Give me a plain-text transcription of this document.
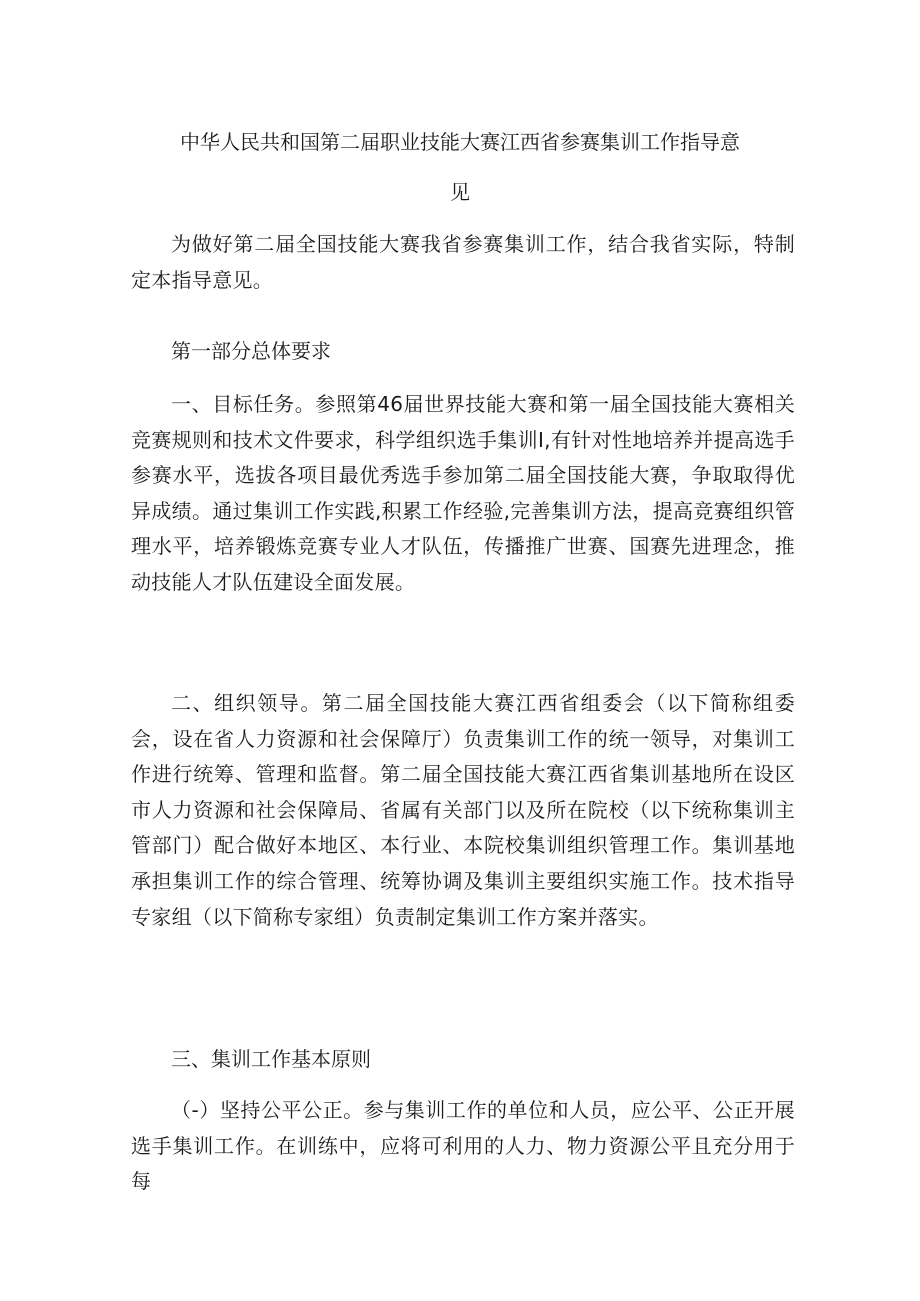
中华人民共和国第二届职业技能大赛江西省参赛集训工作指导意
见

为做好第二届全国技能大赛我省参赛集训工作，结合我省实际，特制定本指导意见。

第一部分总体要求

一、目标任务。参照第46届世界技能大赛和第一届全国技能大赛相关竞赛规则和技术文件要求，科学组织选手集训I,有针对性地培养并提高选手参赛水平，选拔各项目最优秀选手参加第二届全国技能大赛，争取取得优异成绩。通过集训工作实践,积累工作经验,完善集训方法，提高竞赛组织管理水平，培养锻炼竞赛专业人才队伍，传播推广世赛、国赛先进理念，推动技能人才队伍建设全面发展。

二、组织领导。第二届全国技能大赛江西省组委会（以下简称组委会，设在省人力资源和社会保障厅）负责集训工作的统一领导，对集训工作进行统筹、管理和监督。第二届全国技能大赛江西省集训基地所在设区市人力资源和社会保障局、省属有关部门以及所在院校（以下统称集训主管部门）配合做好本地区、本行业、本院校集训组织管理工作。集训基地承担集训工作的综合管理、统筹协调及集训主要组织实施工作。技术指导专家组（以下简称专家组）负责制定集训工作方案并落实。

三、集训工作基本原则

（-）坚持公平公正。参与集训工作的单位和人员，应公平、公正开展选手集训工作。在训练中，应将可利用的人力、物力资源公平且充分用于每
